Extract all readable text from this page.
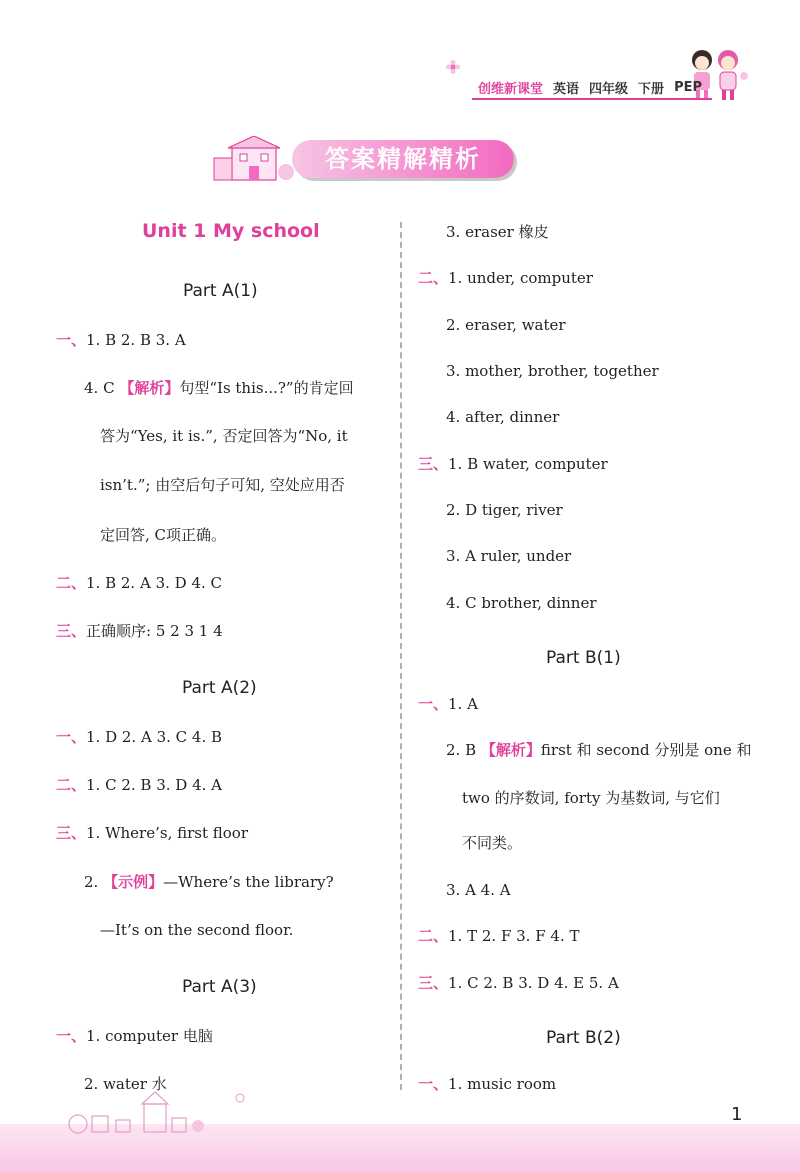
创维新课堂 英语 四年级 下册 PEP
答案精解精析
Unit 1 My school
Part A(1)
一、1. B 2. B 3. A
4. C 【解析】句型“Is this...?”的肯定回
答为“Yes, it is.”, 否定回答为“No, it
isn’t.”; 由空后句子可知, 空处应用否
定回答, C项正确。
二、1. B 2. A 3. D 4. C
三、正确顺序: 5 2 3 1 4
Part A(2)
一、1. D 2. A 3. C 4. B
二、1. C 2. B 3. D 4. A
三、1. Where’s, first floor
2. 【示例】—Where’s the library?
—It’s on the second floor.
Part A(3)
一、1. computer 电脑
2. water 水
3. eraser 橡皮
二、1. under, computer
2. eraser, water
3. mother, brother, together
4. after, dinner
三、1. B water, computer
2. D tiger, river
3. A ruler, under
4. C brother, dinner
Part B(1)
一、1. A
2. B 【解析】first 和 second 分别是 one 和
two 的序数词, forty 为基数词, 与它们
不同类。
3. A 4. A
二、1. T 2. F 3. F 4. T
三、1. C 2. B 3. D 4. E 5. A
Part B(2)
一、1. music room
1
